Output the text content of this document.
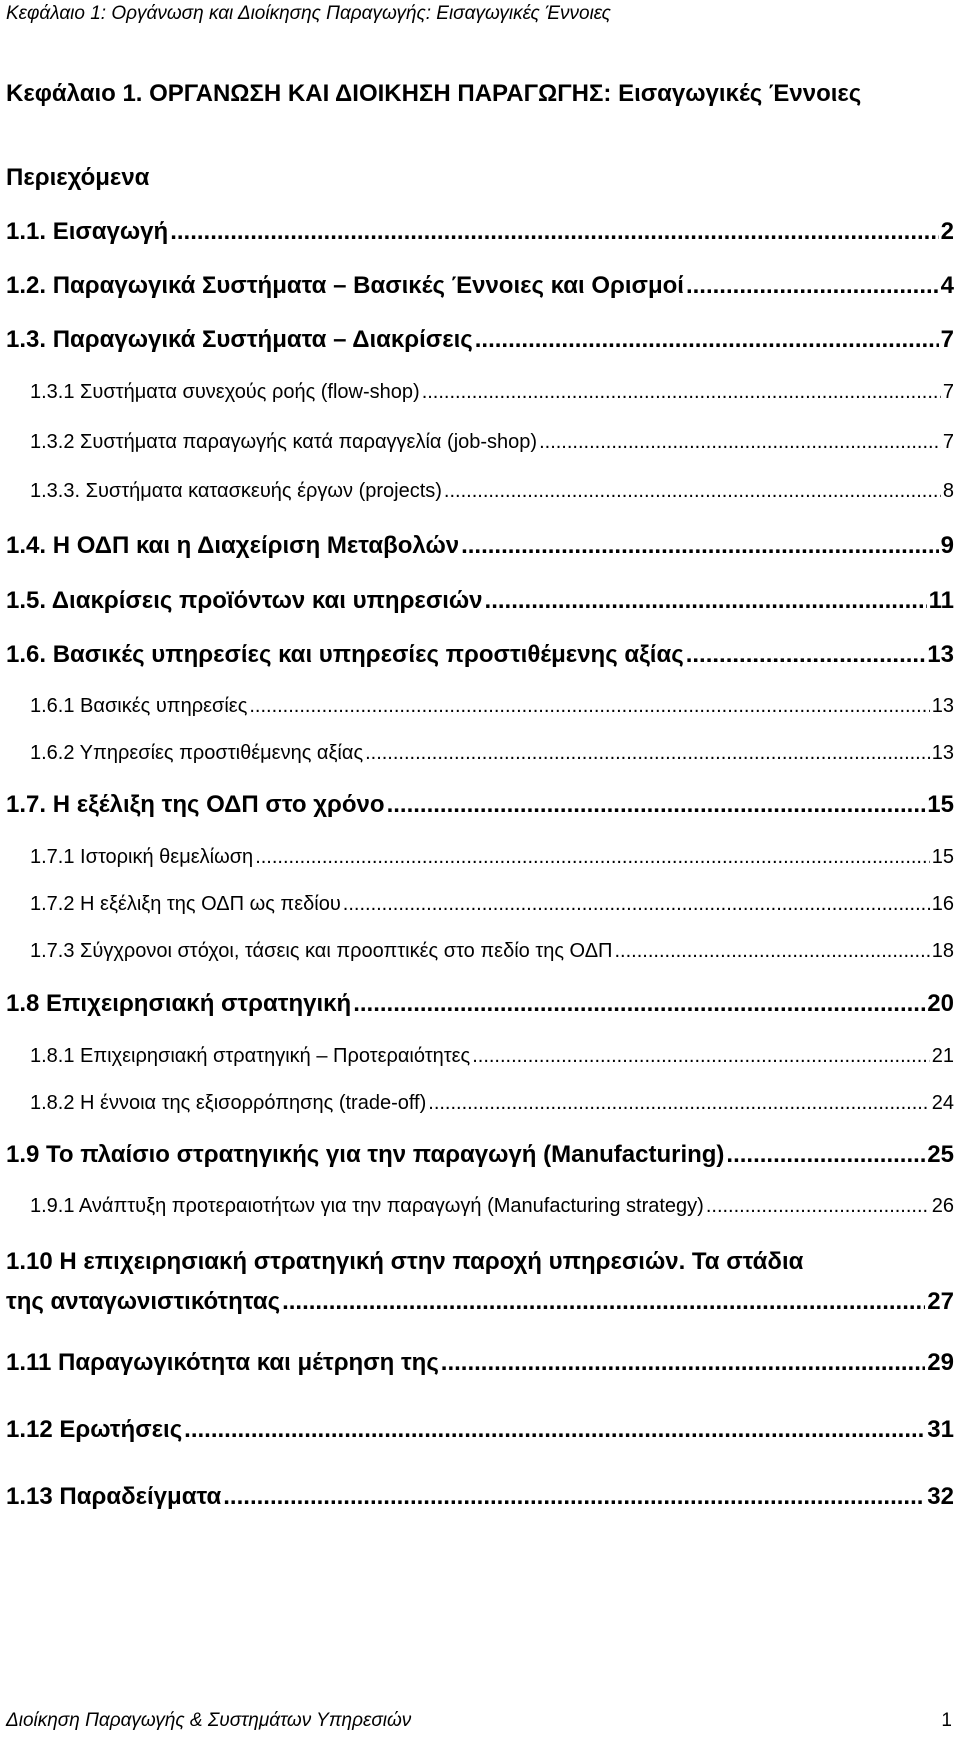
Κεφάλαιο 1: Οργάνωση και Διοίκησης Παραγωγής: Εισαγωγικές Έννοιες
Κεφάλαιο 1. ΟΡΓΑΝΩΣΗ ΚΑΙ ΔΙΟΙΚΗΣΗ ΠΑΡΑΓΩΓΗΣ: Εισαγωγικές Έννοιες
Περιεχόμενα
1.1. Εισαγωγή .....	2
1.2. Παραγωγικά Συστήματα – Βασικές Έννοιες και Ορισμοί .....	4
1.3. Παραγωγικά Συστήματα – Διακρίσεις .....	7
1.3.1 Συστήματα συνεχούς ροής (flow-shop) .....	7
1.3.2 Συστήματα παραγωγής κατά παραγγελία (job-shop) .....	7
1.3.3. Συστήματα κατασκευής έργων (projects) .....	8
1.4. Η ΟΔΠ και η Διαχείριση Μεταβολών .....	9
1.5. Διακρίσεις προϊόντων και υπηρεσιών .....	11
1.6. Βασικές υπηρεσίες και υπηρεσίες προστιθέμενης αξίας .....	13
1.6.1 Βασικές υπηρεσίες .....	13
1.6.2 Υπηρεσίες προστιθέμενης αξίας .....	13
1.7. Η εξέλιξη της ΟΔΠ στο χρόνο .....	15
1.7.1 Ιστορική θεμελίωση .....	15
1.7.2 Η εξέλιξη της ΟΔΠ ως πεδίου .....	16
1.7.3 Σύγχρονοι στόχοι, τάσεις και προοπτικές στο πεδίο της ΟΔΠ .....	18
1.8 Επιχειρησιακή στρατηγική .....	20
1.8.1 Επιχειρησιακή στρατηγική – Προτεραιότητες .....	21
1.8.2 Η έννοια της εξισορρόπησης (trade-off) .....	24
1.9 Το πλαίσιο στρατηγικής για την παραγωγή (Manufacturing) .....	25
1.9.1 Ανάπτυξη προτεραιοτήτων για την παραγωγή (Manufacturing strategy) .....	26
1.10 Η επιχειρησιακή στρατηγική στην παροχή υπηρεσιών. Τα στάδια
της ανταγωνιστικότητας .....	27
1.11 Παραγωγικότητα και μέτρηση της .....	29
1.12 Ερωτήσεις .....	31
1.13 Παραδείγματα .....	32
Διοίκηση Παραγωγής & Συστημάτων Υπηρεσιών	1
